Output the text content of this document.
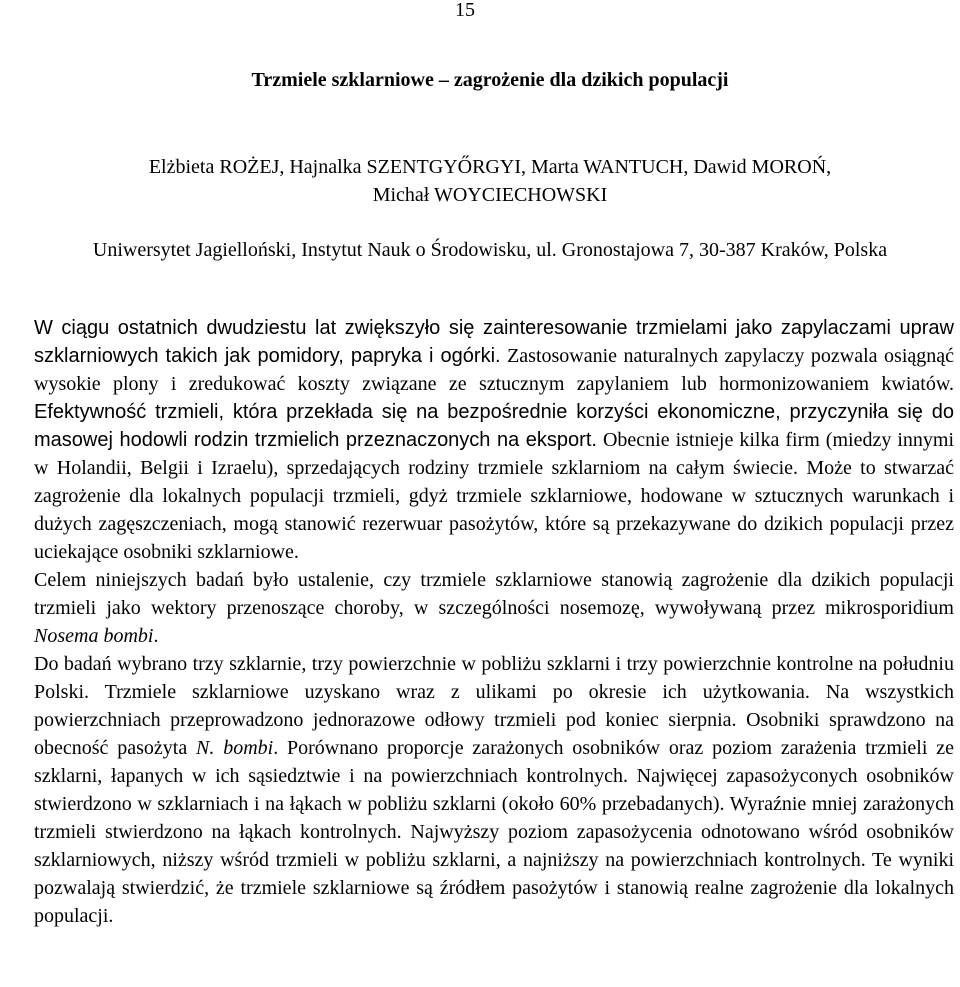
15
Trzmiele szklarniowe – zagrożenie dla dzikich populacji
Elżbieta ROŻEJ, Hajnalka SZENTGYŐRGYI, Marta WANTUCH, Dawid MOROŃ,
Michał WOYCIECHOWSKI
Uniwersytet Jagielloński, Instytut Nauk o Środowisku, ul. Gronostajowa 7, 30-387 Kraków, Polska

W ciągu ostatnich dwudziestu lat zwiększyło się zainteresowanie trzmielami jako zapylaczami upraw szklarniowych takich jak pomidory, papryka i ogórki. Zastosowanie naturalnych zapylaczy pozwala osiągnąć wysokie plony i zredukować koszty związane ze sztucznym zapylaniem lub hormonizowaniem kwiatów. Efektywność trzmieli, która przekłada się na bezpośrednie korzyści ekonomiczne, przyczyniła się do masowej hodowli rodzin trzmielich przeznaczonych na eksport. Obecnie istnieje kilka firm (miedzy innymi w Holandii, Belgii i Izraelu), sprzedających rodziny trzmiele szklarniom na całym świecie. Może to stwarzać zagrożenie dla lokalnych populacji trzmieli, gdyż trzmiele szklarniowe, hodowane w sztucznych warunkach i dużych zagęszczeniach, mogą stanowić rezerwuar pasożytów, które są przekazywane do dzikich populacji przez uciekające osobniki szklarniowe.

Celem niniejszych badań było ustalenie, czy trzmiele szklarniowe stanowią zagrożenie dla dzikich populacji trzmieli jako wektory przenoszące choroby, w szczególności nosemozę, wywoływaną przez mikrosporidium Nosema bombi.

Do badań wybrano trzy szklarnie, trzy powierzchnie w pobliżu szklarni i trzy powierzchnie kontrolne na południu Polski. Trzmiele szklarniowe uzyskano wraz z ulikami po okresie ich użytkowania. Na wszystkich powierzchniach przeprowadzono jednorazowe odłowy trzmieli pod koniec sierpnia. Osobniki sprawdzono na obecność pasożyta N. bombi. Porównano proporcje zarażonych osobników oraz poziom zarażenia trzmieli ze szklarni, łapanych w ich sąsiedztwie i na powierzchniach kontrolnych. Najwięcej zapasożyconych osobników stwierdzono w szklarniach i na łąkach w pobliżu szklarni (około 60% przebadanych). Wyraźnie mniej zarażonych trzmieli stwierdzono na łąkach kontrolnych. Najwyższy poziom zapasożycenia odnotowano wśród osobników szklarniowych, niższy wśród trzmieli w pobliżu szklarni, a najniższy na powierzchniach kontrolnych. Te wyniki pozwalają stwierdzić, że trzmiele szklarniowe są źródłem pasożytów i stanowią realne zagrożenie dla lokalnych populacji.
